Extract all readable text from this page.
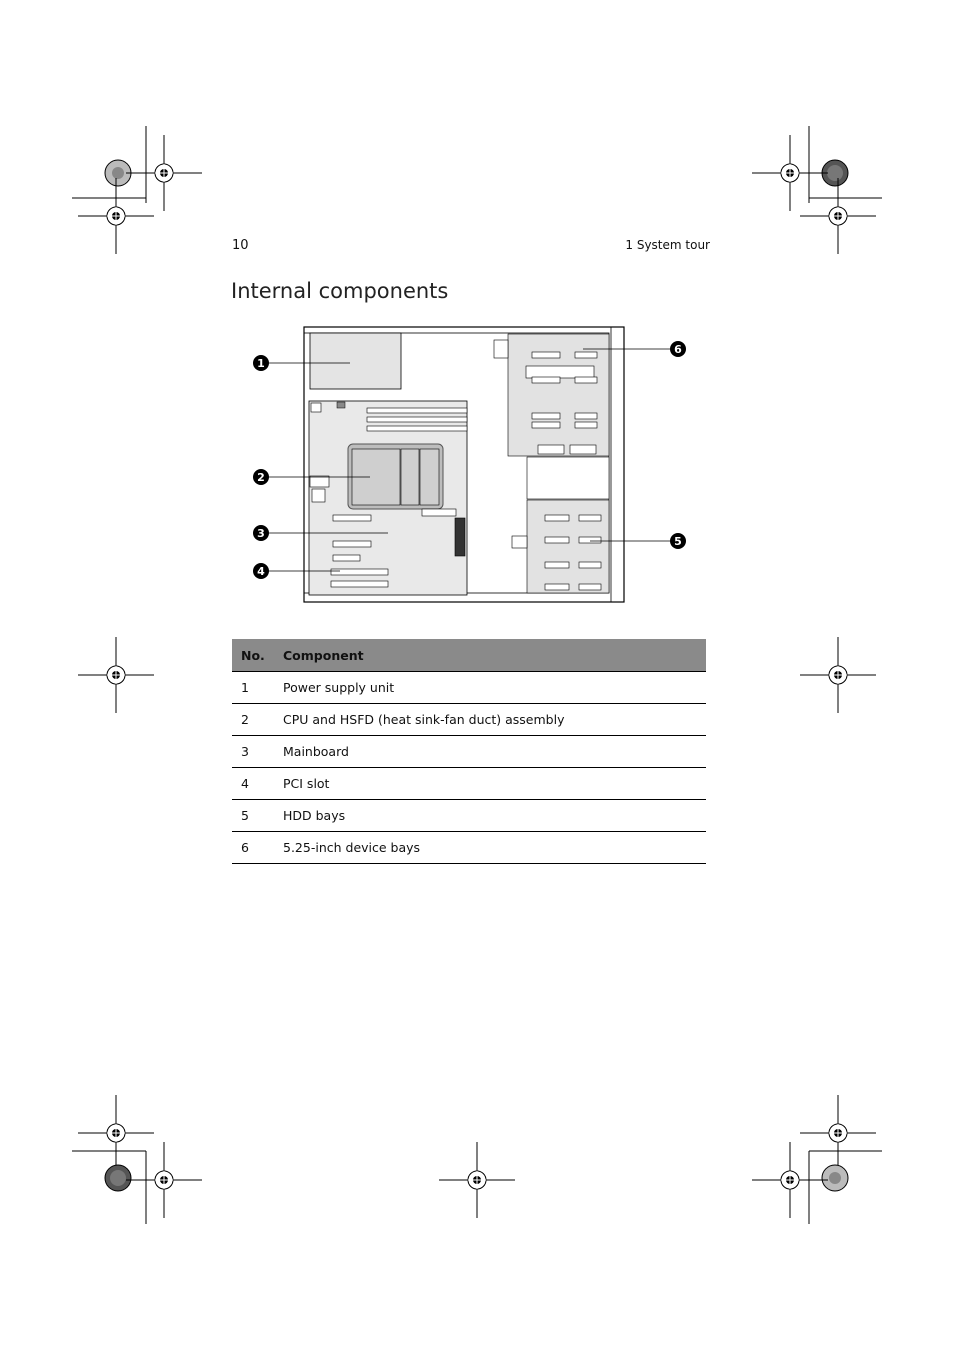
10	1 System tour
Internal components
1
2
3
4
5
6
No.	Component
1	Power supply unit
2	CPU and HSFD (heat sink-fan duct) assembly
3	Mainboard
4	PCI slot
5	HDD bays
6	5.25-inch device bays
